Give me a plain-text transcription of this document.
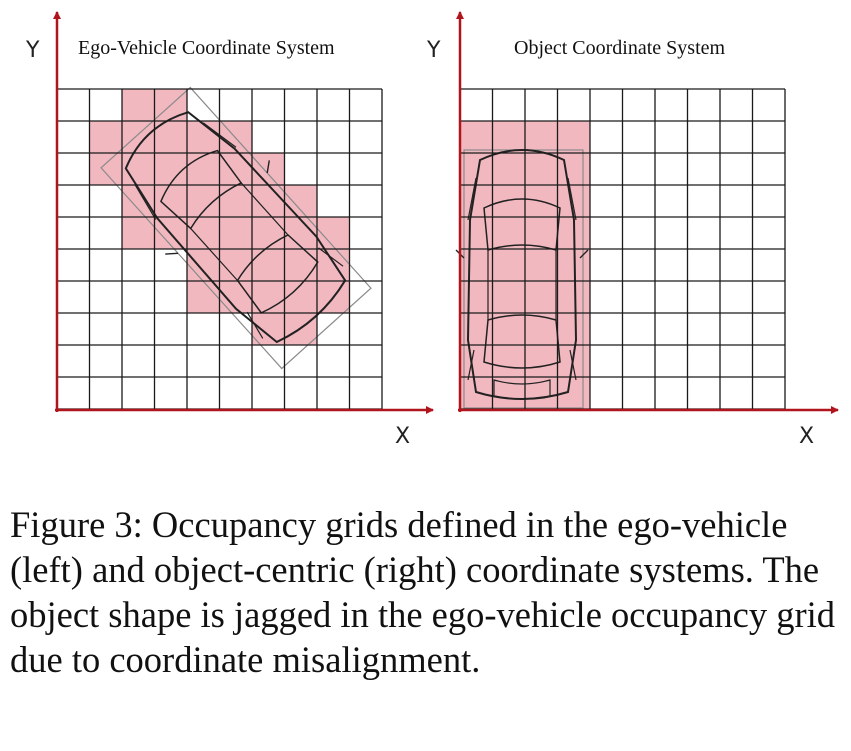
Y
X
Ego-Vehicle Coordinate System	Y
X
Object Coordinate System

Figure 3: Occupancy grids defined in the ego-vehicle (left) and object-centric (right) coordinate systems. The object shape is jagged in the ego-vehicle occupancy grid due to coordinate misalignment.
